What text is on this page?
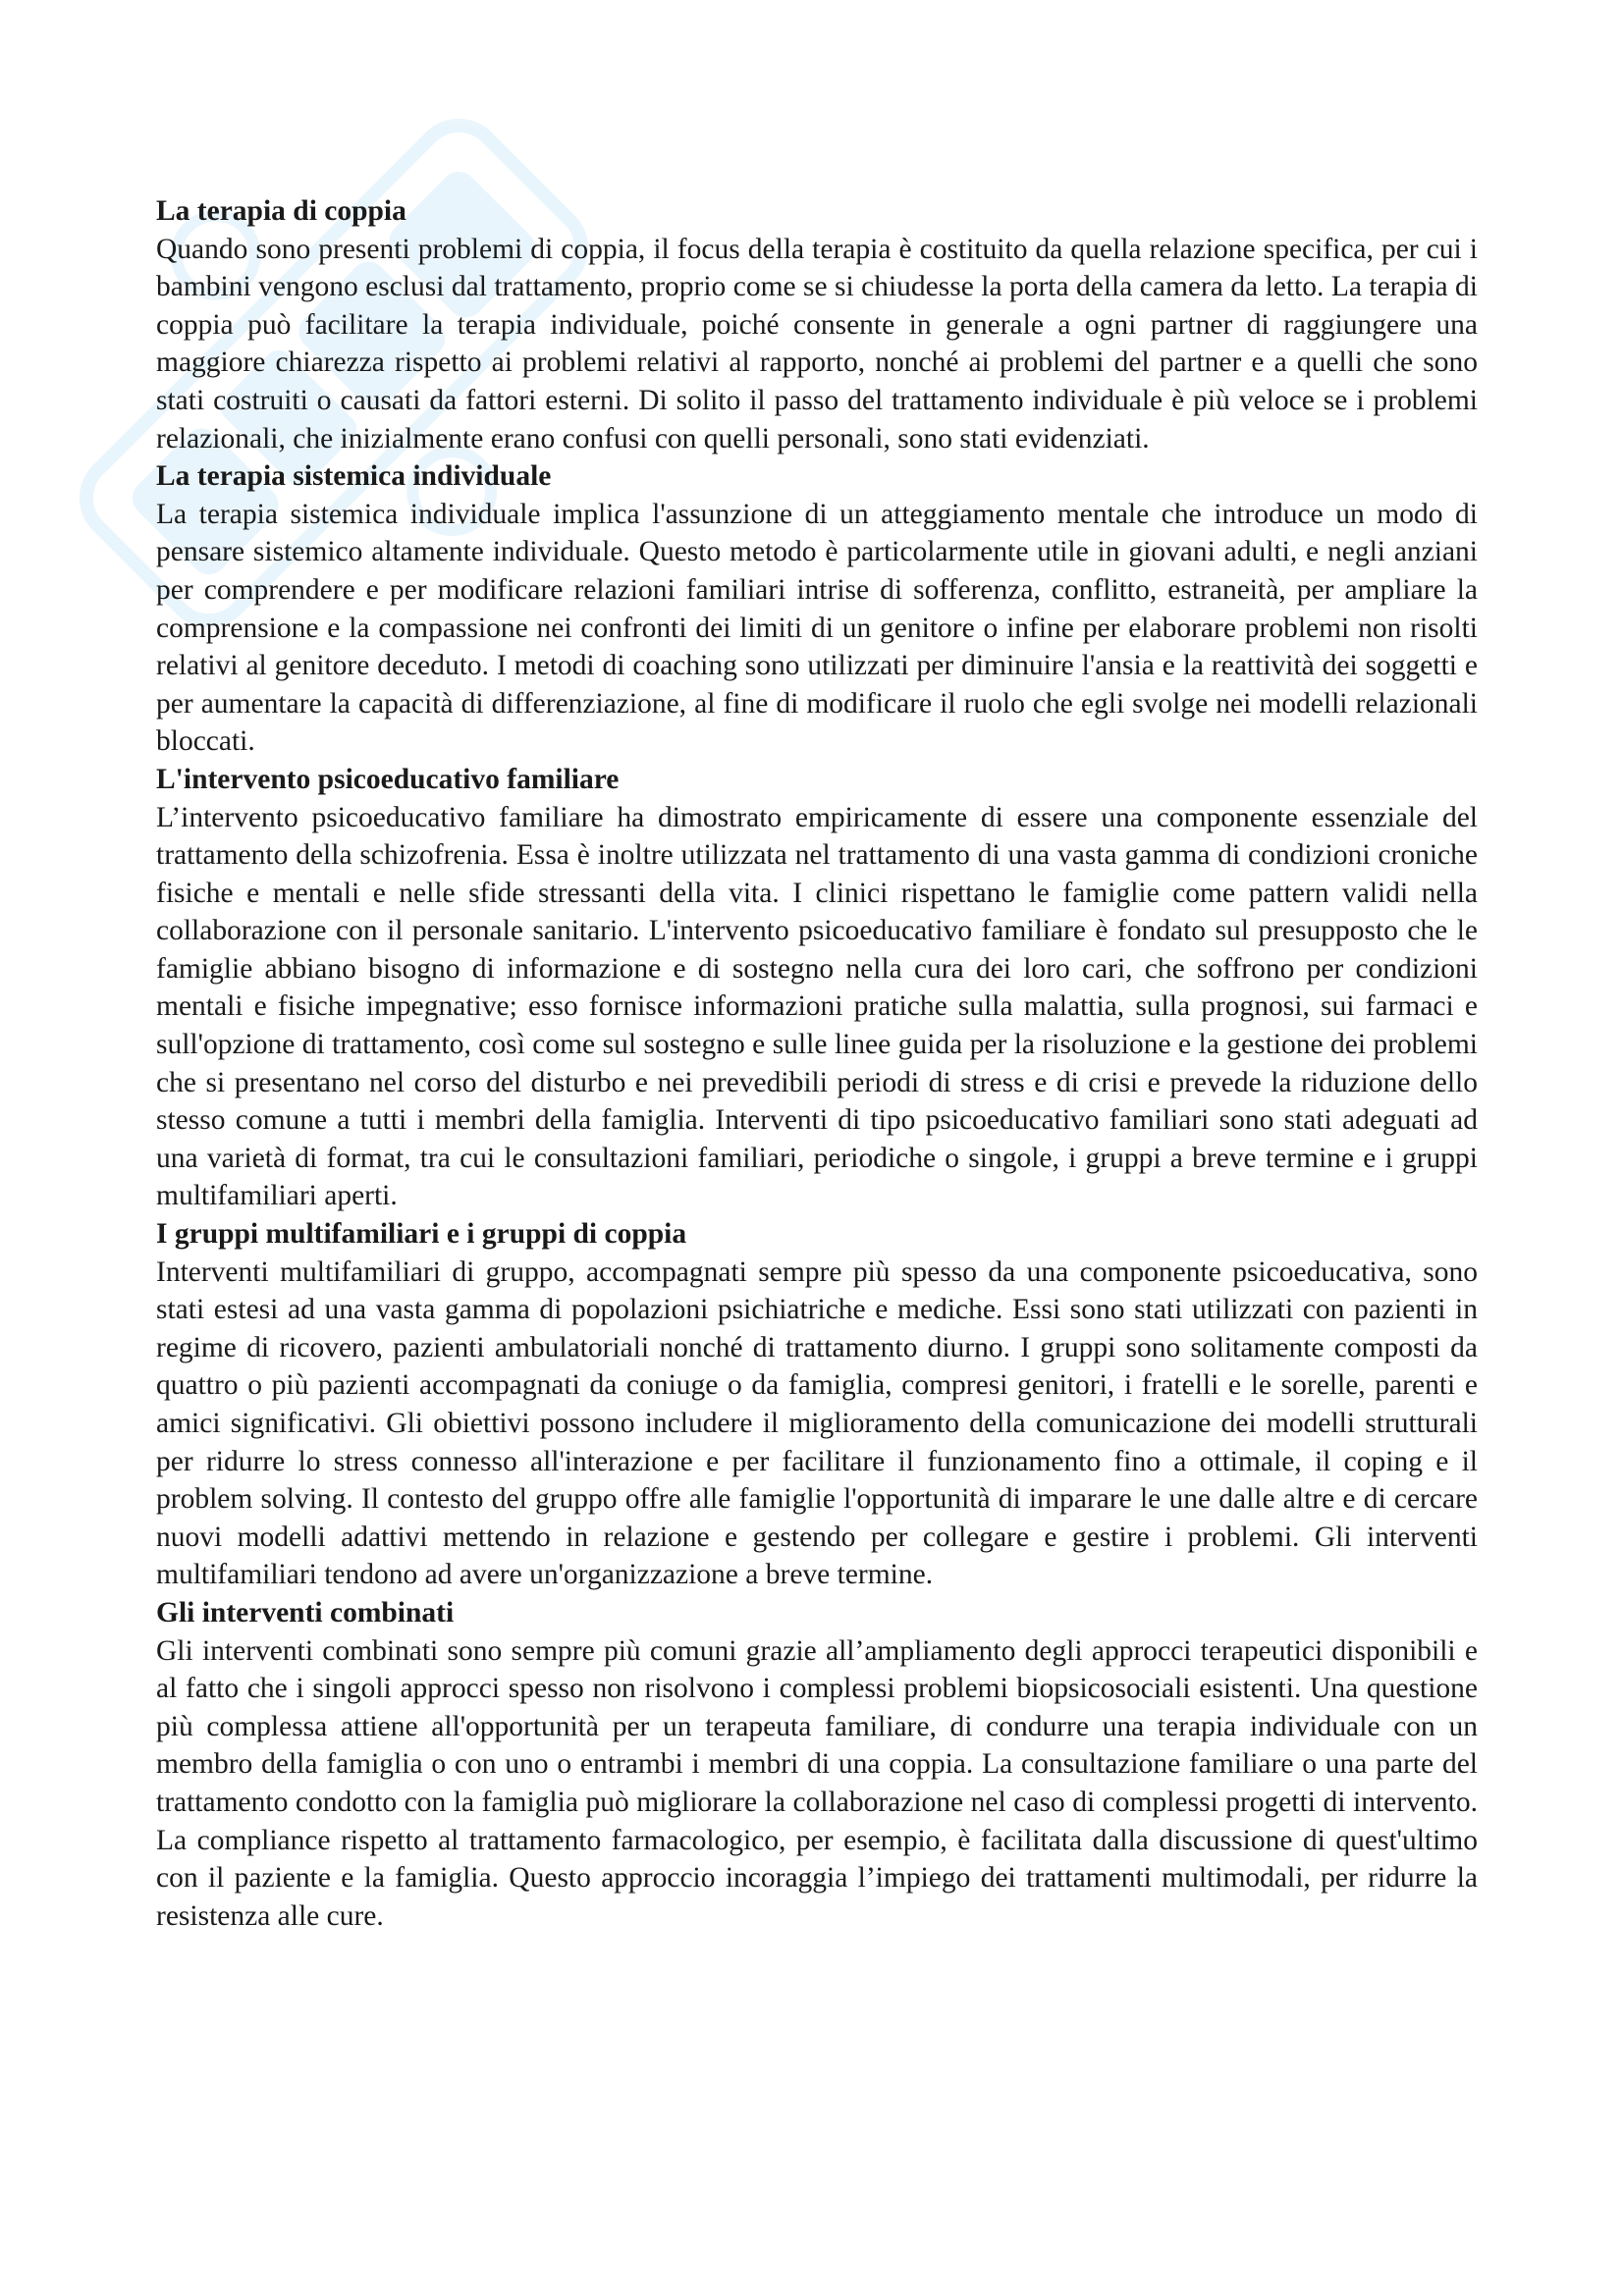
La terapia di coppia
Quando sono presenti problemi di coppia, il focus della terapia è costituito da quella relazione specifica, per cui i bambini vengono esclusi dal trattamento, proprio come se si chiudesse la porta della camera da letto. La terapia di coppia può facilitare la terapia individuale, poiché consente in generale a ogni partner di raggiungere una maggiore chiarezza rispetto ai problemi relativi al rapporto, nonché ai problemi del partner e a quelli che sono stati costruiti o causati da fattori esterni. Di solito il passo del trattamento individuale è più veloce se i problemi relazionali, che inizialmente erano confusi con quelli personali, sono stati evidenziati.
La terapia sistemica individuale
La terapia sistemica individuale implica l'assunzione di un atteggiamento mentale che introduce un modo di pensare sistemico altamente individuale. Questo metodo è particolarmente utile in giovani adulti, e negli anziani per comprendere e per modificare relazioni familiari intrise di sofferenza, conflitto, estraneità, per ampliare la comprensione e la compassione nei confronti dei limiti di un genitore o infine per elaborare problemi non risolti relativi al genitore deceduto. I metodi di coaching sono utilizzati per diminuire l'ansia e la reattività dei soggetti e per aumentare la capacità di differenziazione, al fine di modificare il ruolo che egli svolge nei modelli relazionali bloccati.
L'intervento psicoeducativo familiare
L’intervento psicoeducativo familiare ha dimostrato empiricamente di essere una componente essenziale del trattamento della schizofrenia. Essa è inoltre utilizzata nel trattamento di una vasta gamma di condizioni croniche fisiche e mentali e nelle sfide stressanti della vita. I clinici rispettano le famiglie come pattern validi nella collaborazione con il personale sanitario. L'intervento psicoeducativo familiare è fondato sul presupposto che le famiglie abbiano bisogno di informazione e di sostegno nella cura dei loro cari, che soffrono per condizioni mentali e fisiche impegnative; esso fornisce informazioni pratiche sulla malattia, sulla prognosi, sui farmaci e sull'opzione di trattamento, così come sul sostegno e sulle linee guida per la risoluzione e la gestione dei problemi che si presentano nel corso del disturbo e nei prevedibili periodi di stress e di crisi e prevede la riduzione dello stesso comune a tutti i membri della famiglia. Interventi di tipo psicoeducativo familiari sono stati adeguati ad una varietà di format, tra cui le consultazioni familiari, periodiche o singole, i gruppi a breve termine e i gruppi multifamiliari aperti.
I gruppi multifamiliari e i gruppi di coppia
Interventi multifamiliari di gruppo, accompagnati sempre più spesso da una componente psicoeducativa, sono stati estesi ad una vasta gamma di popolazioni psichiatriche e mediche. Essi sono stati utilizzati con pazienti in regime di ricovero, pazienti ambulatoriali nonché di trattamento diurno. I gruppi sono solitamente composti da quattro o più pazienti accompagnati da coniuge o da famiglia, compresi genitori, i fratelli e le sorelle, parenti e amici significativi. Gli obiettivi possono includere il miglioramento della comunicazione dei modelli strutturali per ridurre lo stress connesso all'interazione e per facilitare il funzionamento fino a ottimale, il coping e il problem solving. Il contesto del gruppo offre alle famiglie l'opportunità di imparare le une dalle altre e di cercare nuovi modelli adattivi mettendo in relazione e gestendo per collegare e gestire i problemi. Gli interventi multifamiliari tendono ad avere un'organizzazione a breve termine.
Gli interventi combinati
Gli interventi combinati sono sempre più comuni grazie all’ampliamento degli approcci terapeutici disponibili e al fatto che i singoli approcci spesso non risolvono i complessi problemi biopsicosociali esistenti. Una questione più complessa attiene all'opportunità per un terapeuta familiare, di condurre una terapia individuale con un membro della famiglia o con uno o entrambi i membri di una coppia. La consultazione familiare o una parte del trattamento condotto con la famiglia può migliorare la collaborazione nel caso di complessi progetti di intervento. La compliance rispetto al trattamento farmacologico, per esempio, è facilitata dalla discussione di quest'ultimo con il paziente e la famiglia. Questo approccio incoraggia l’impiego dei trattamenti multimodali, per ridurre la resistenza alle cure.
